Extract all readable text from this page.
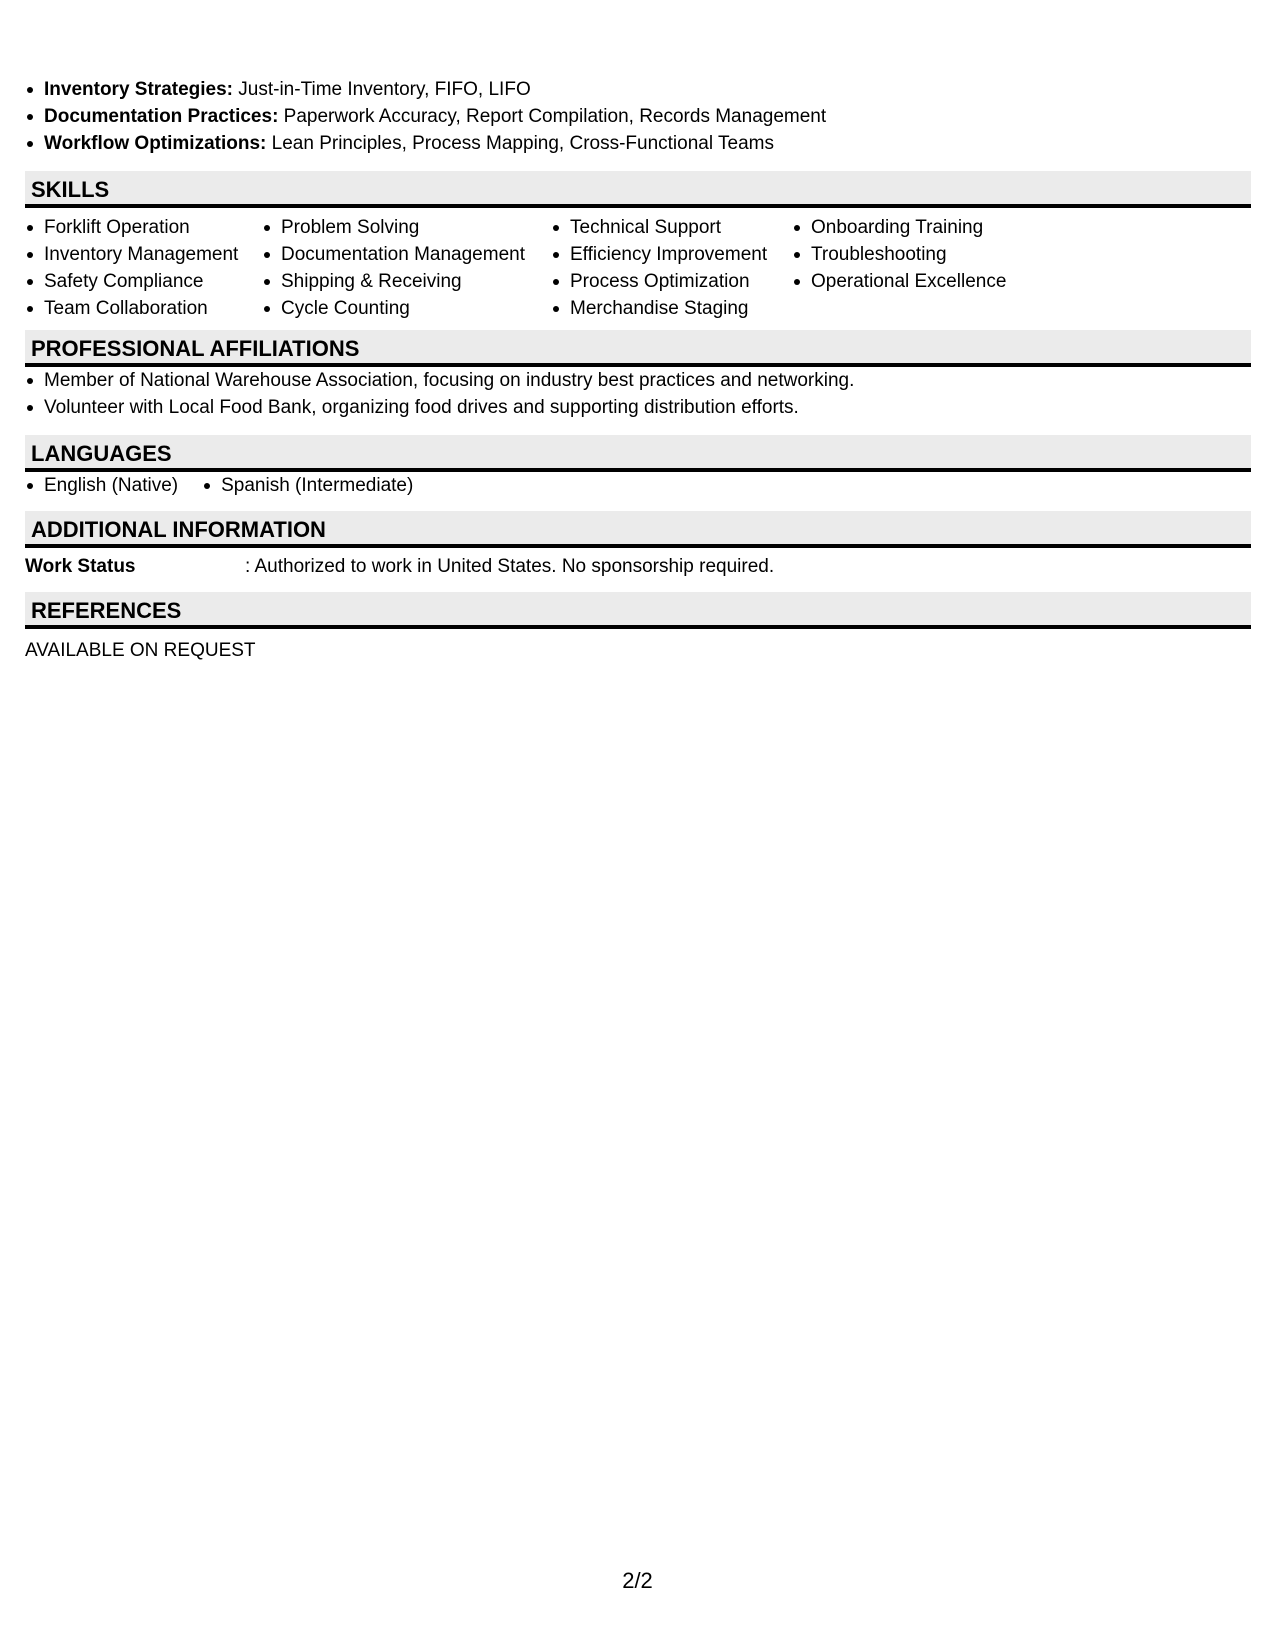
Inventory Strategies: Just-in-Time Inventory, FIFO, LIFO
Documentation Practices: Paperwork Accuracy, Report Compilation, Records Management
Workflow Optimizations: Lean Principles, Process Mapping, Cross-Functional Teams
SKILLS
Forklift Operation
Inventory Management
Safety Compliance
Team Collaboration
Problem Solving
Documentation Management
Shipping & Receiving
Cycle Counting
Technical Support
Efficiency Improvement
Process Optimization
Merchandise Staging
Onboarding Training
Troubleshooting
Operational Excellence
PROFESSIONAL AFFILIATIONS
Member of National Warehouse Association, focusing on industry best practices and networking.
Volunteer with Local Food Bank, organizing food drives and supporting distribution efforts.
LANGUAGES
English (Native)	Spanish (Intermediate)
ADDITIONAL INFORMATION
Work Status	: Authorized to work in United States. No sponsorship required.
REFERENCES
AVAILABLE ON REQUEST
2/2
